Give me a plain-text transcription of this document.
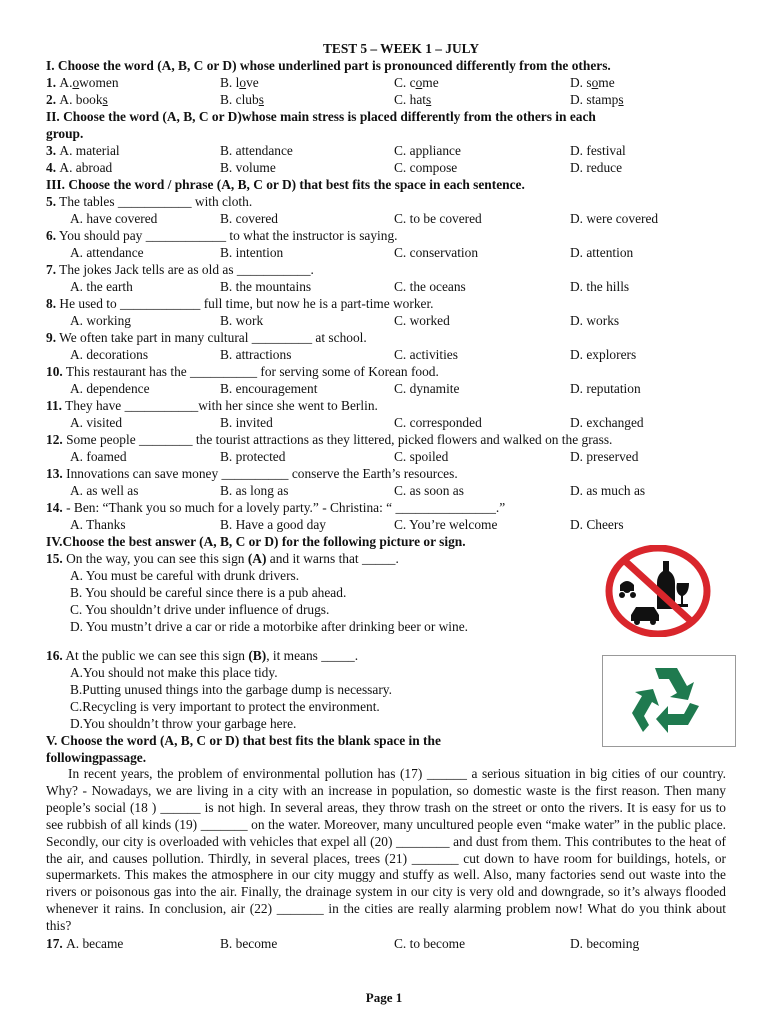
TEST 5 – WEEK 1 – JULY
I. Choose the word (A, B, C or D) whose underlined part is pronounced differently from the others.
1. A.owomen	B. love	C. come	D. some
2. A. books	B. clubs	C. hats	D. stamps
II. Choose the word (A, B, C or D)whose main stress is placed differently from the others in each
group.
3. A. material	B. attendance	C. appliance	D. festival
4. A. abroad	B. volume	C. compose	D. reduce
III. Choose the word / phrase (A, B, C or D) that best fits the space in each sentence.
5. The tables ___________ with cloth.
A. have covered	B. covered	C. to be covered	D. were covered
6. You should pay ____________ to what the instructor is saying.
A. attendance	B. intention	C. conservation	D. attention
7. The jokes Jack tells are as old as ___________.
A. the earth	B. the mountains	C. the oceans	D. the hills
8. He used to ____________ full time, but now he is a part-time worker.
A. working	B. work	C. worked	D. works
9. We often take part in many cultural _________ at school.
A. decorations	B. attractions	C. activities	D. explorers
10. This restaurant has the __________ for serving some of Korean food.
A. dependence	B. encouragement	C. dynamite	D. reputation
11. They have ___________with her since she went to Berlin.
A. visited	B. invited	C. corresponded	D. exchanged
12. Some people ________ the tourist attractions as they littered, picked flowers and walked on the grass.
A. foamed	B. protected	C. spoiled	D. preserved
13. Innovations can save money __________ conserve the Earth’s resources.
A. as well as	B. as long as	C. as soon as	D. as much as
14. - Ben: “Thank you so much for a lovely party.” - Christina: “ _______________.”
A. Thanks	B. Have a good day	C. You’re welcome	D. Cheers
IV.Choose the best answer (A, B, C or D) for the following picture or sign.
15. On the way, you can see this sign (A) and it warns that _____.
A. You must be careful with drunk drivers.
B. You should be careful since there is a pub ahead.
C. You shouldn’t drive under influence of drugs.
D. You mustn’t drive a car or ride a motorbike after drinking beer or wine.
16. At the public we can see this sign (B), it means _____.
A.You should not make this place tidy.
B.Putting unused things into the garbage dump is necessary.
C.Recycling is very important to protect the environment.
D.You shouldn’t throw your garbage here.
V. Choose the word (A, B, C or D) that best fits the blank space in the
followingpassage.

In recent years, the problem of environmental pollution has (17) ______ a serious situation in big cities of our country. Why? - Nowadays, we are living in a city with an increase in population, so domestic waste is the first reason. Then many people’s social (18 ) ______ is not high. In several areas, they throw trash on the street or onto the rivers. It is easy for us to see rubbish of all kinds (19) _______ on the water. Moreover, many uncultured people even “make water” in the public place. Secondly, our city is overloaded with vehicles that expel all (20) ________ and dust from them. This contributes to the heat of the air, and causes pollution. Thirdly, in several places, trees (21) _______ cut down to have room for buildings, hotels, or supermarkets. This makes the atmosphere in our city muggy and stuffy as well. Also, many factories send out waste into the rivers or poisonous gas into the air. Finally, the drainage system in our city is very old and downgrade, so it’s always flooded whenever it rains. In conclusion, air (22) _______ in the cities are really alarming problem now! What do you think about this?

17. A. became	B. become	C. to become	D. becoming
Page 1
